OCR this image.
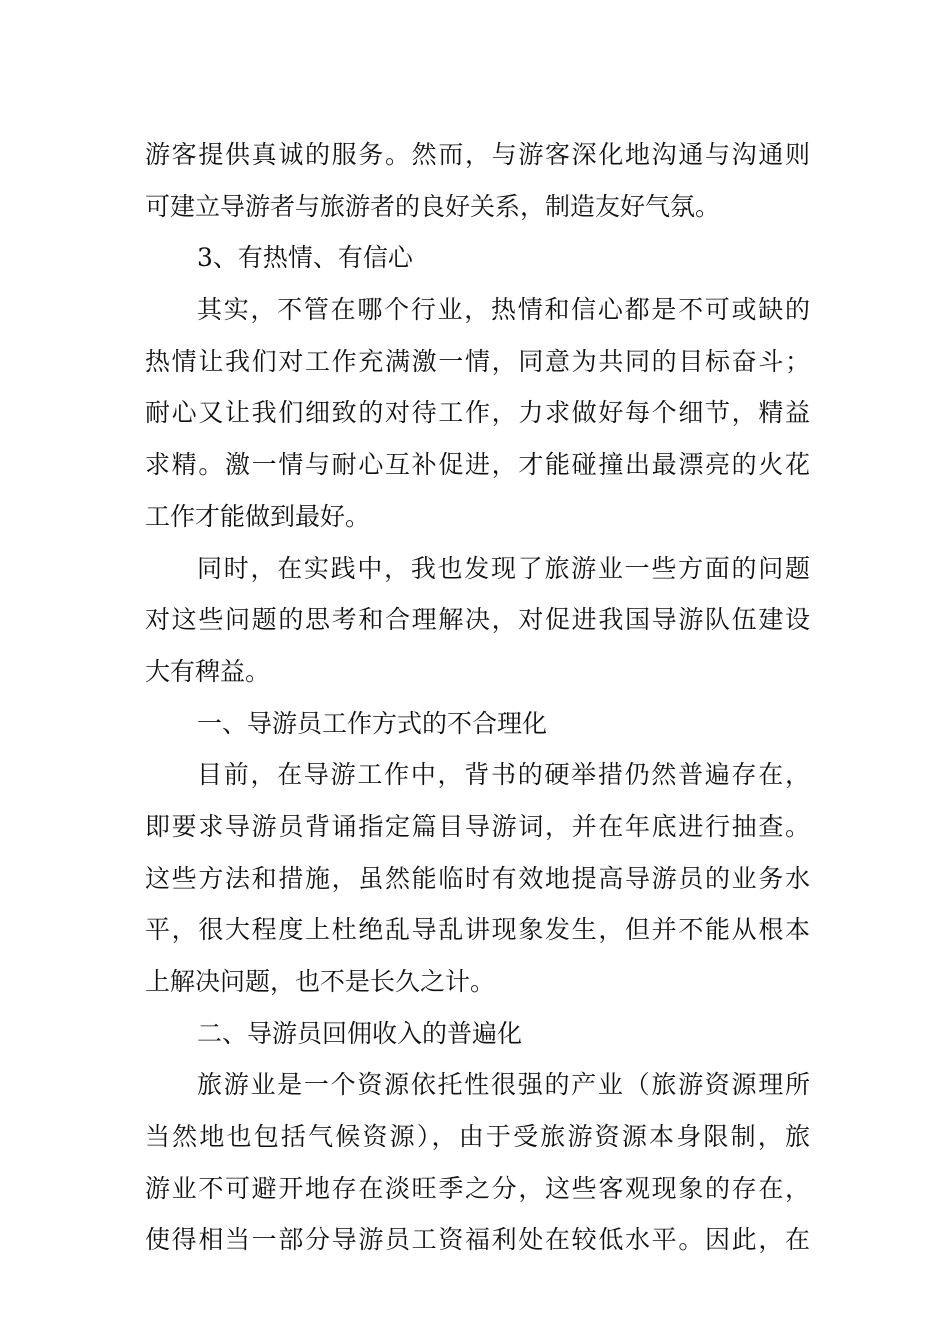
游客提供真诚的服务。然而，与游客深化地沟通与沟通则
可建立导游者与旅游者的良好关系，制造友好气氛。
3、有热情、有信心
其实，不管在哪个行业，热情和信心都是不可或缺的
热情让我们对工作充满激一情，同意为共同的目标奋斗；
耐心又让我们细致的对待工作，力求做好每个细节，精益
求精。激一情与耐心互补促进，才能碰撞出最漂亮的火花
工作才能做到最好。
同时，在实践中，我也发现了旅游业一些方面的问题
对这些问题的思考和合理解决，对促进我国导游队伍建设
大有稗益。
一、导游员工作方式的不合理化
目前，在导游工作中，背书的硬举措仍然普遍存在，
即要求导游员背诵指定篇目导游词，并在年底进行抽查。
这些方法和措施，虽然能临时有效地提高导游员的业务水
平，很大程度上杜绝乱导乱讲现象发生，但并不能从根本
上解决问题，也不是长久之计。
二、导游员回佣收入的普遍化
旅游业是一个资源依托性很强的产业（旅游资源理所
当然地也包括气候资源），由于受旅游资源本身限制，旅
游业不可避开地存在淡旺季之分，这些客观现象的存在，
使得相当一部分导游员工资福利处在较低水平。因此，在
